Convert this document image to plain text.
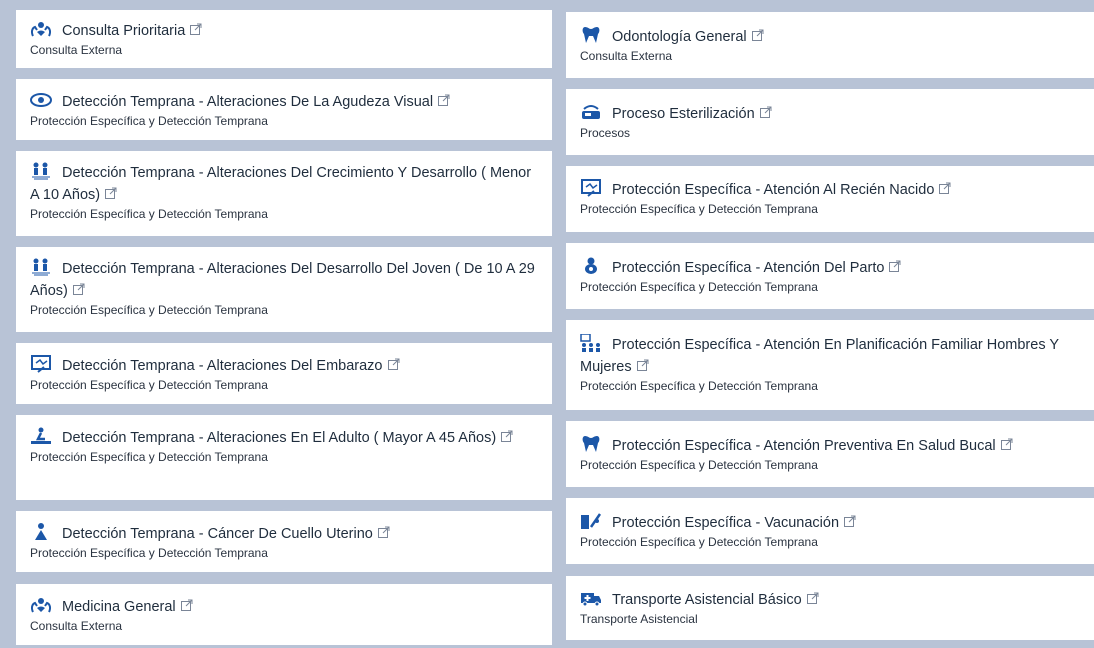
Consulta Prioritaria
Consulta Externa
Detección Temprana - Alteraciones De La Agudeza Visual
Protección Específica y Detección Temprana
Detección Temprana - Alteraciones Del Crecimiento Y Desarrollo ( Menor A 10 Años)
Protección Específica y Detección Temprana
Detección Temprana - Alteraciones Del Desarrollo Del Joven ( De 10 A 29 Años)
Protección Específica y Detección Temprana
Detección Temprana - Alteraciones Del Embarazo
Protección Específica y Detección Temprana
Detección Temprana - Alteraciones En El Adulto ( Mayor A 45 Años)
Protección Específica y Detección Temprana
Detección Temprana - Cáncer De Cuello Uterino
Protección Específica y Detección Temprana
Medicina General
Consulta Externa
Odontología General
Consulta Externa
Proceso Esterilización
Procesos
Protección Específica - Atención Al Recién Nacido
Protección Específica y Detección Temprana
Protección Específica - Atención Del Parto
Protección Específica y Detección Temprana
Protección Específica - Atención En Planificación Familiar Hombres Y Mujeres
Protección Específica y Detección Temprana
Protección Específica - Atención Preventiva En Salud Bucal
Protección Específica y Detección Temprana
Protección Específica - Vacunación
Protección Específica y Detección Temprana
Transporte Asistencial Básico
Transporte Asistencial
